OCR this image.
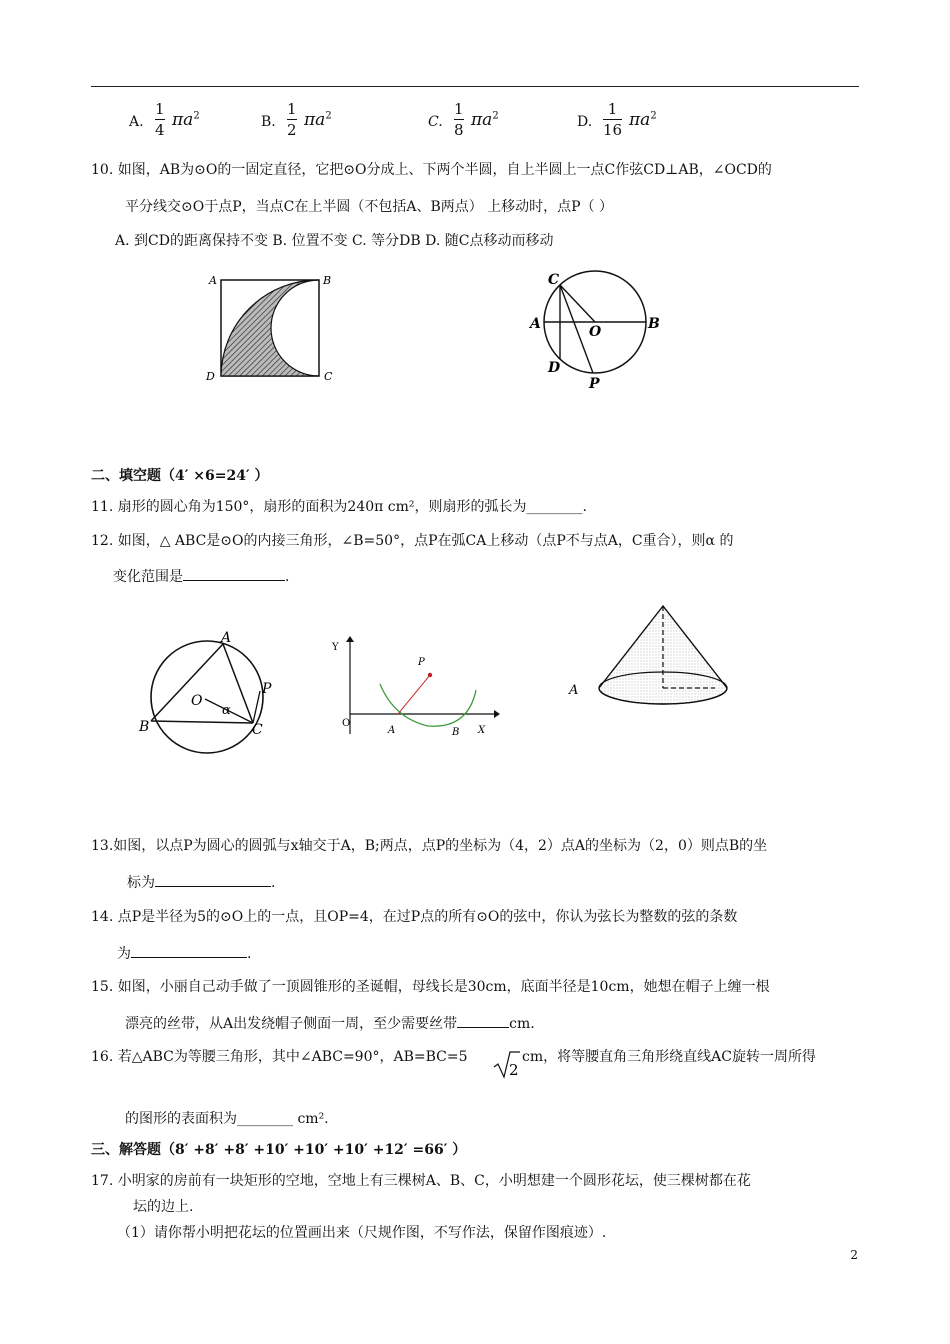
A.
1
4 $\pi a^2$	B.
1
2 $\pi a^2$	C.
1
8 $\pi a^2$	D.
1
16 $\pi a^2$
10. 如图，AB为⊙O的一固定直径，它把⊙O分成上、下两个半圆，自上半圆上一点C作弦CD⊥AB，∠OCD的
平分线交⊙O于点P，当点C在上半圆（不包括A、B两点） 上移动时，点P（ ）
A. 到CD的距离保持不变 B. 位置不变 C. 等分DB D. 随C点移动而移动
A	B
C
D
C
A	O	B
D
P
二、填空题（4′ ×6=24′ ）
11. 扇形的圆心角为150°，扇形的面积为240π cm²，则扇形的弧长为________.
12. 如图，△ ABC是⊙O的内接三角形，∠B=50°，点P在弧CA上移动（点P不与点A，C重合），则α 的
变化范围是	.
A
B	C
O
P
α
Y
X
O
A	B
P
A
13.如图，以点P为圆心的圆弧与x轴交于A，B;两点，点P的坐标为（4，2）点A的坐标为（2，0）则点B的坐
标为	.
14. 点P是半径为5的⊙O上的一点，且OP=4，在过P点的所有⊙O的弦中，你认为弦长为整数的弦的条数
为	.
15. 如图，小丽自己动手做了一顶圆锥形的圣诞帽，母线长是30cm，底面半径是10cm，她想在帽子上缠一根
漂亮的丝带，从A出发绕帽子侧面一周，至少需要丝带	cm.
16. 若△ABC为等腰三角形，其中∠ABC=90°，AB=BC=5
2
cm，将等腰直角三角形绕直线AC旋转一周所得
的图形的表面积为________ cm².
三、解答题（8′ +8′ +8′ +10′ +10′ +10′ +12′ =66′ ）
17. 小明家的房前有一块矩形的空地，空地上有三棵树A、B、C，小明想建一个圆形花坛，使三棵树都在花
坛的边上.
（1）请你帮小明把花坛的位置画出来（尺规作图，不写作法，保留作图痕迹）.
2
